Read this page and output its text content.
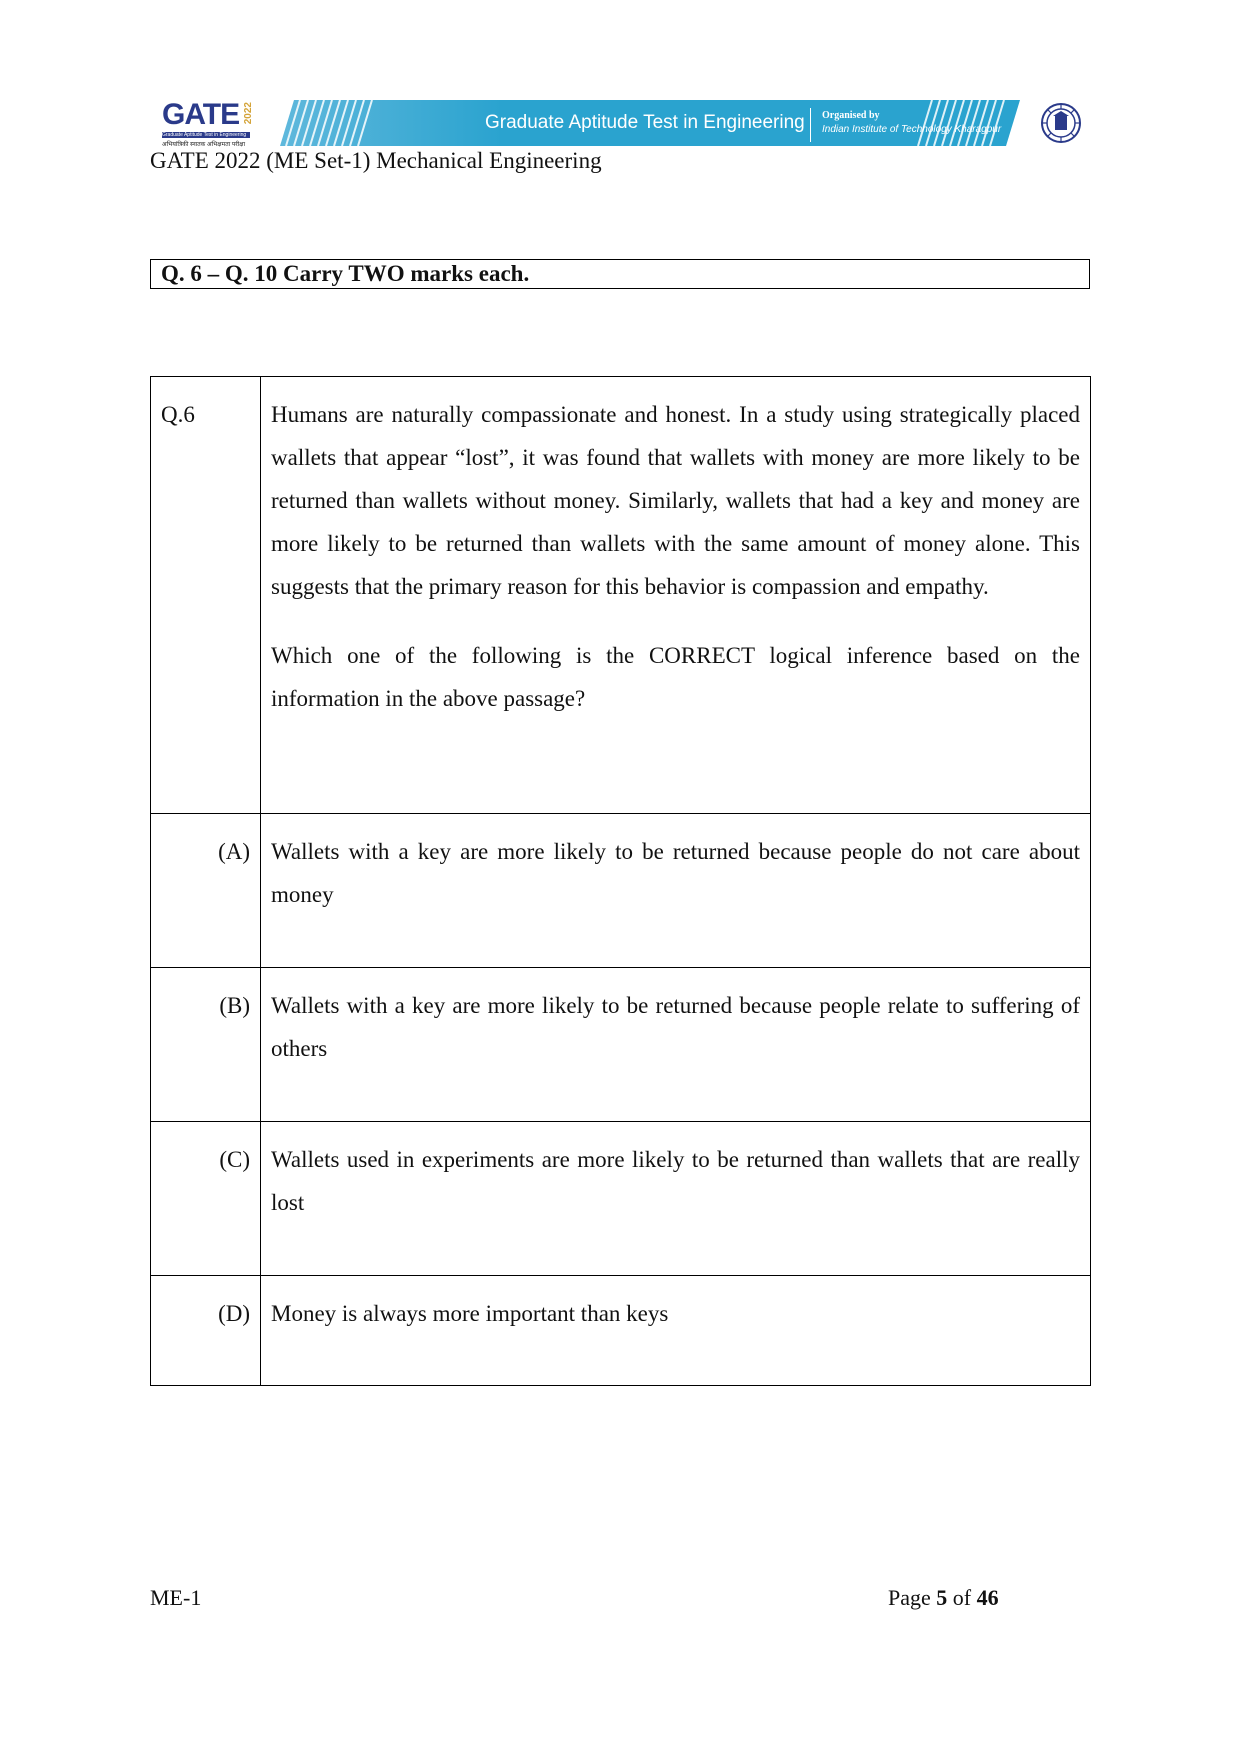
GATE 2022
Graduate Aptitude Test in Engineering
अभियांत्रिकी स्नातक अभिक्षमता परीक्षा
Graduate Aptitude Test in Engineering Organised by
Indian Institute of Technology Kharagpur
GATE 2022 (ME Set-1) Mechanical Engineering
Q. 6 – Q. 10 Carry TWO marks each.
Q.6	Humans are naturally compassionate and honest. In a study using strategically placed wallets that appear “lost”, it was found that wallets with money are more likely to be returned than wallets without money. Similarly, wallets that had a key and money are more likely to be returned than wallets with the same amount of money alone. This suggests that the primary reason for this behavior is compassion and empathy.

Which one of the following is the CORRECT logical inference based on the information in the above passage?

(A)	Wallets with a key are more likely to be returned because people do not care about money
(B)	Wallets with a key are more likely to be returned because people relate to suffering of others
(C)	Wallets used in experiments are more likely to be returned than wallets that are really lost
(D)	Money is always more important than keys
ME-1	Page 5 of 46
